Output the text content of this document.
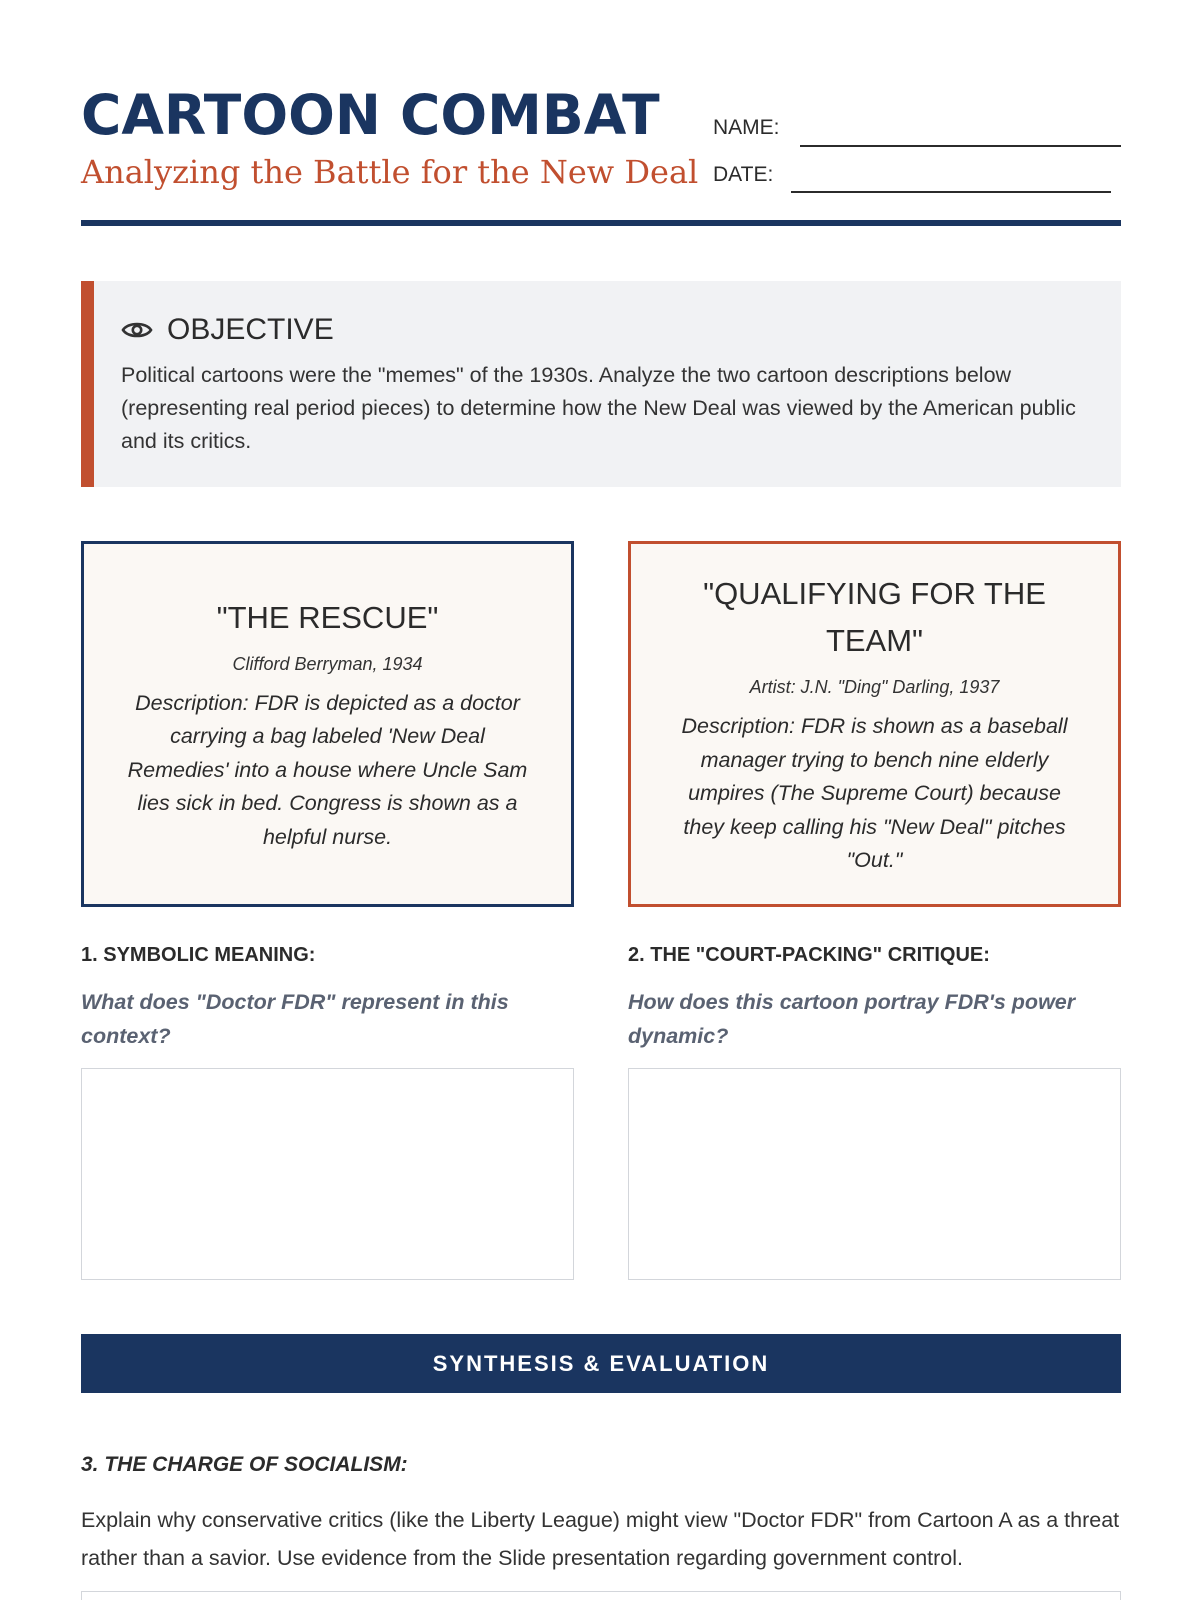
CARTOON COMBAT
Analyzing the Battle for the New Deal
NAME:
DATE:
OBJECTIVE
Political cartoons were the "memes" of the 1930s. Analyze the two cartoon descriptions below (representing real period pieces) to determine how the New Deal was viewed by the American public and its critics.
"THE RESCUE"
Clifford Berryman, 1934
Description: FDR is depicted as a doctor carrying a bag labeled 'New Deal Remedies' into a house where Uncle Sam lies sick in bed. Congress is shown as a helpful nurse.
"QUALIFYING FOR THE TEAM"
Artist: J.N. "Ding" Darling, 1937
Description: FDR is shown as a baseball manager trying to bench nine elderly umpires (The Supreme Court) because they keep calling his "New Deal" pitches "Out."
1. SYMBOLIC MEANING:
What does "Doctor FDR" represent in this context?
2. THE "COURT-PACKING" CRITIQUE:
How does this cartoon portray FDR's power dynamic?
SYNTHESIS & EVALUATION
3. THE CHARGE OF SOCIALISM:
Explain why conservative critics (like the Liberty League) might view "Doctor FDR" from Cartoon A as a threat rather than a savior. Use evidence from the Slide presentation regarding government control.
